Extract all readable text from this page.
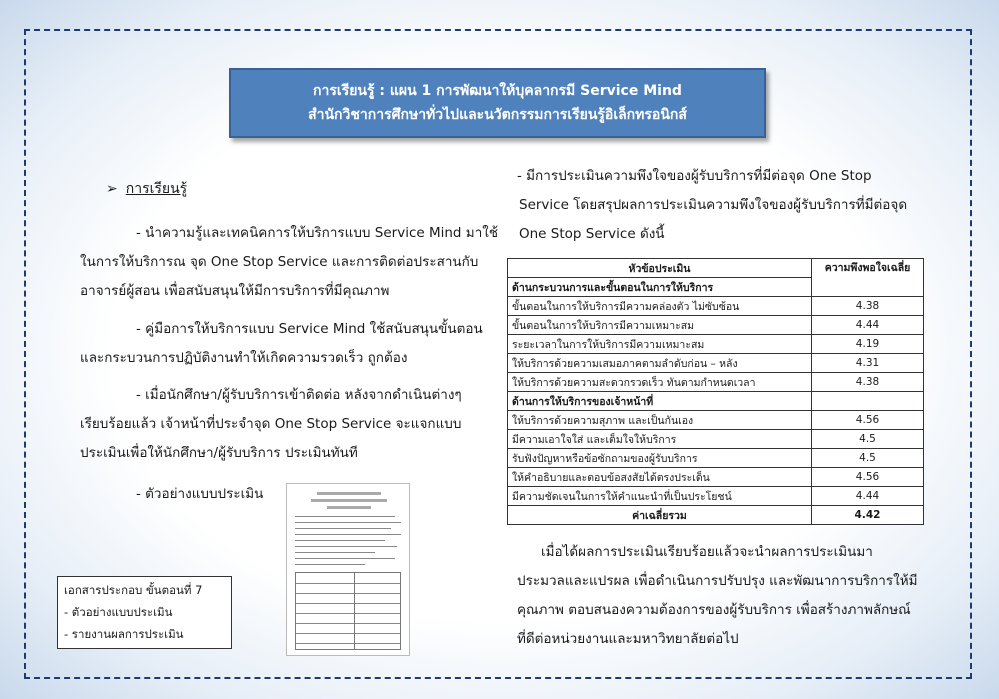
การเรียนรู้ : แผน 1 การพัฒนาให้บุคลากรมี Service Mind
สำนักวิชาการศึกษาทั่วไปและนวัตกรรมการเรียนรู้อิเล็กทรอนิกส์
➢ การเรียนรู้
- นำความรู้และเทคนิคการให้บริการแบบ Service Mind มาใช้
ในการให้บริการณ จุด One Stop Service และการติดต่อประสานกับ
อาจารย์ผู้สอน เพื่อสนับสนุนให้มีการบริการที่มีคุณภาพ
- คู่มือการให้บริการแบบ Service Mind ใช้สนับสนุนขั้นตอน
และกระบวนการปฏิบัติงานทำให้เกิดความรวดเร็ว ถูกต้อง
- เมื่อนักศึกษา/ผู้รับบริการเข้าติดต่อ หลังจากดำเนินต่างๆ
เรียบร้อยแล้ว เจ้าหน้าที่ประจำจุด One Stop Service จะแจกแบบ
ประเมินเพื่อให้นักศึกษา/ผู้รับบริการ ประเมินทันที
- ตัวอย่างแบบประเมิน
เอกสารประกอบ ขั้นตอนที่ 7
- ตัวอย่างแบบประเมิน
- รายงานผลการประเมิน
- มีการประเมินความพึงใจของผู้รับบริการที่มีต่อจุด One Stop
Service โดยสรุปผลการประเมินความพึงใจของผู้รับบริการที่มีต่อจุด
One Stop Service ดังนี้
หัวข้อประเมิน	ความพึงพอใจเฉลี่ย
ด้านกระบวนการและขั้นตอนในการให้บริการ	
ขั้นตอนในการให้บริการมีความคล่องตัว ไม่ซับซ้อน	4.38
ขั้นตอนในการให้บริการมีความเหมาะสม	4.44
ระยะเวลาในการให้บริการมีความเหมาะสม	4.19
ให้บริการด้วยความเสมอภาคตามลำดับก่อน – หลัง	4.31
ให้บริการด้วยความสะดวกรวดเร็ว ทันตามกำหนดเวลา	4.38
ด้านการให้บริการของเจ้าหน้าที่	
ให้บริการด้วยความสุภาพ และเป็นกันเอง	4.56
มีความเอาใจใส่ และเต็มใจให้บริการ	4.5
รับฟังปัญหาหรือข้อซักถามของผู้รับบริการ	4.5
ให้คำอธิบายและตอบข้อสงสัยได้ตรงประเด็น	4.56
มีความชัดเจนในการให้คำแนะนำที่เป็นประโยชน์	4.44
ค่าเฉลี่ยรวม	4.42
เมื่อได้ผลการประเมินเรียบร้อยแล้วจะนำผลการประเมินมา
ประมวลและแปรผล เพื่อดำเนินการปรับปรุง และพัฒนาการบริการให้มี
คุณภาพ ตอบสนองความต้องการของผู้รับบริการ เพื่อสร้างภาพลักษณ์
ที่ดีต่อหน่วยงานและมหาวิทยาลัยต่อไป
